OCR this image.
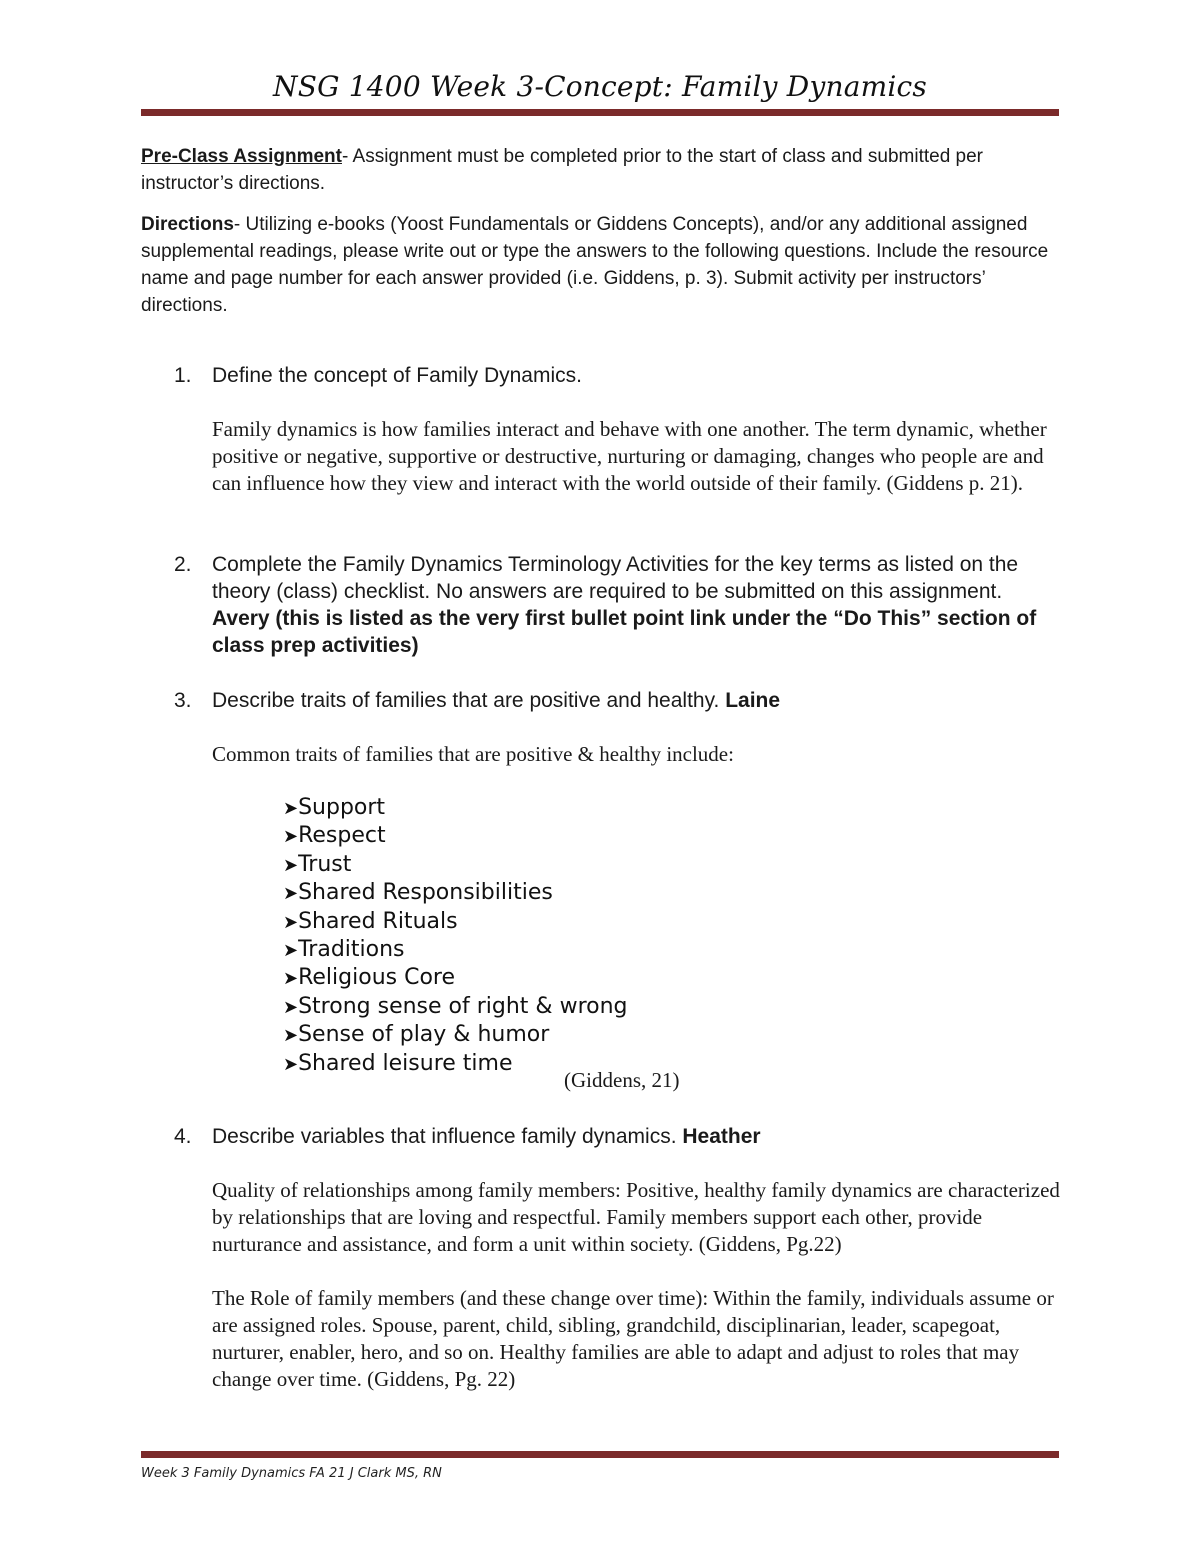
NSG 1400 Week 3-Concept: Family Dynamics
Pre-Class Assignment- Assignment must be completed prior to the start of class and submitted per instructor’s directions.
Directions- Utilizing e-books (Yoost Fundamentals or Giddens Concepts), and/or any additional assigned supplemental readings, please write out or type the answers to the following questions. Include the resource name and page number for each answer provided (i.e. Giddens, p. 3). Submit activity per instructors’ directions.
1. Define the concept of Family Dynamics.
Family dynamics is how families interact and behave with one another. The term dynamic, whether positive or negative, supportive or destructive, nurturing or damaging, changes who people are and can influence how they view and interact with the world outside of their family. (Giddens p. 21).
2. Complete the Family Dynamics Terminology Activities for the key terms as listed on the theory (class) checklist. No answers are required to be submitted on this assignment. Avery (this is listed as the very first bullet point link under the “Do This” section of class prep activities)
3. Describe traits of families that are positive and healthy. Laine
Common traits of families that are positive & healthy include:
➤Support
➤Respect
➤Trust
➤Shared Responsibilities
➤Shared Rituals
➤Traditions
➤Religious Core
➤Strong sense of right & wrong
➤Sense of play & humor
➤Shared leisure time
(Giddens, 21)
4. Describe variables that influence family dynamics. Heather
Quality of relationships among family members: Positive, healthy family dynamics are characterized by relationships that are loving and respectful. Family members support each other, provide nurturance and assistance, and form a unit within society. (Giddens, Pg.22)
The Role of family members (and these change over time): Within the family, individuals assume or are assigned roles. Spouse, parent, child, sibling, grandchild, disciplinarian, leader, scapegoat, nurturer, enabler, hero, and so on. Healthy families are able to adapt and adjust to roles that may change over time. (Giddens, Pg. 22)
Week 3 Family Dynamics FA 21 J Clark MS, RN
